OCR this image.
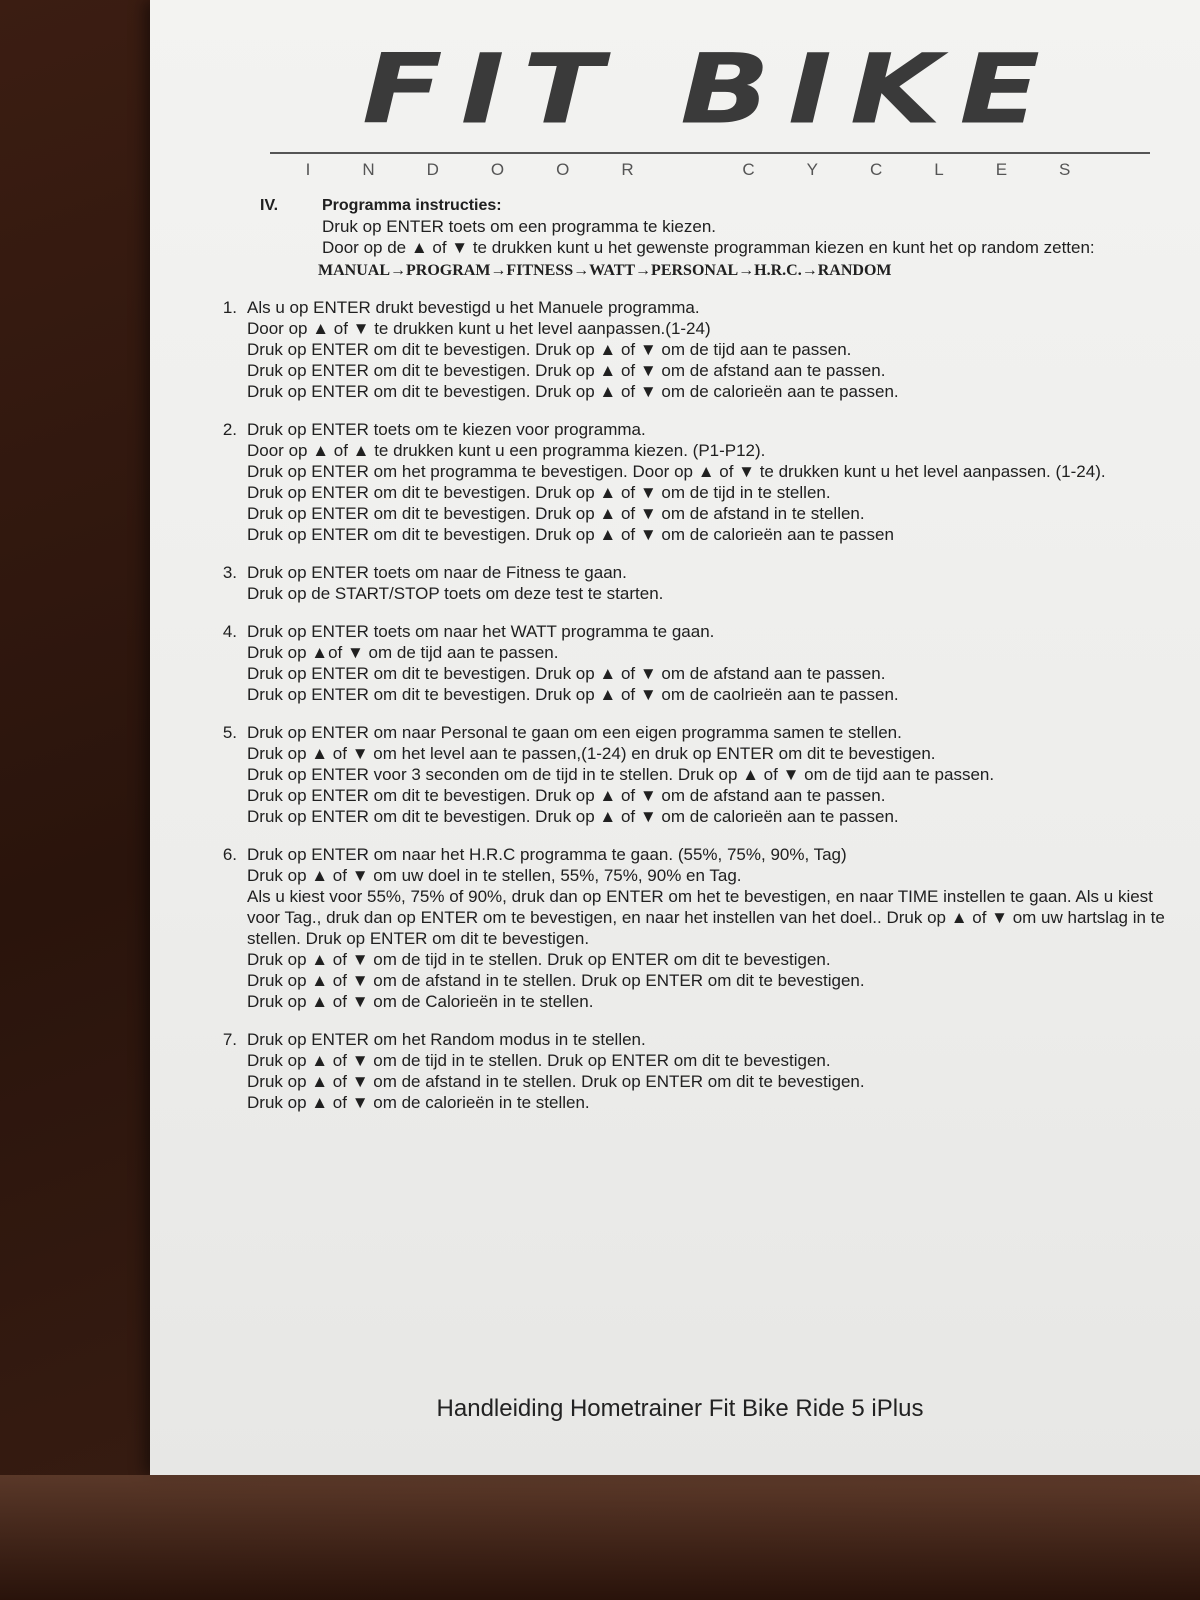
FIT BIKE
INDOOR CYCLES
IV.	Programma instructies:
Druk op ENTER toets om een programma te kiezen.
Door op de ▲ of ▼ te drukken kunt u het gewenste programman kiezen en kunt het op random zetten:
MANUAL→PROGRAM→FITNESS→WATT→PERSONAL→H.R.C.→RANDOM
1. Als u op ENTER drukt bevestigd u het Manuele programma.
Door op ▲ of ▼ te drukken kunt u het level aanpassen.(1-24)
Druk op ENTER om dit te bevestigen. Druk op ▲ of ▼ om de tijd aan te passen.
Druk op ENTER om dit te bevestigen. Druk op ▲ of ▼ om de afstand aan te passen.
Druk op ENTER om dit te bevestigen. Druk op ▲ of ▼ om de calorieën aan te passen.
2. Druk op ENTER toets om te kiezen voor programma.
Door op ▲ of ▲ te drukken kunt u een programma kiezen. (P1-P12).
Druk op ENTER om het programma te bevestigen. Door op ▲ of ▼ te drukken kunt u het level aanpassen. (1-24).
Druk op ENTER om dit te bevestigen. Druk op ▲ of ▼ om de tijd in te stellen.
Druk op ENTER om dit te bevestigen. Druk op ▲ of ▼ om de afstand in te stellen.
Druk op ENTER om dit te bevestigen. Druk op ▲ of ▼ om de calorieën aan te passen
3. Druk op ENTER toets om naar de Fitness te gaan.
Druk op de START/STOP toets om deze test te starten.
4. Druk op ENTER toets om naar het WATT programma te gaan.
Druk op ▲of ▼ om de tijd aan te passen.
Druk op ENTER om dit te bevestigen. Druk op ▲ of ▼ om de afstand aan te passen.
Druk op ENTER om dit te bevestigen. Druk op ▲ of ▼ om de caolrieën aan te passen.
5. Druk op ENTER om naar Personal te gaan om een eigen programma samen te stellen.
Druk op ▲ of ▼ om het level aan te passen,(1-24) en druk op ENTER om dit te bevestigen.
Druk op ENTER voor 3 seconden om de tijd in te stellen. Druk op ▲ of ▼ om de tijd aan te passen.
Druk op ENTER om dit te bevestigen. Druk op ▲ of ▼ om de afstand aan te passen.
Druk op ENTER om dit te bevestigen. Druk op ▲ of ▼ om de calorieën aan te passen.
6. Druk op ENTER om naar het H.R.C programma te gaan. (55%, 75%, 90%, Tag)
Druk op ▲ of ▼ om uw doel in te stellen, 55%, 75%, 90% en Tag.
Als u kiest voor 55%, 75% of 90%, druk dan op ENTER om het te bevestigen, en naar TIME instellen te gaan. Als u kiest voor Tag., druk dan op ENTER om te bevestigen, en naar het instellen van het doel.. Druk op ▲ of ▼ om uw hartslag in te stellen. Druk op ENTER om dit te bevestigen.
Druk op ▲ of ▼ om de tijd in te stellen. Druk op ENTER om dit te bevestigen.
Druk op ▲ of ▼ om de afstand in te stellen. Druk op ENTER om dit te bevestigen.
Druk op ▲ of ▼ om de Calorieën in te stellen.
7. Druk op ENTER om het Random modus in te stellen.
Druk op ▲ of ▼ om de tijd in te stellen. Druk op ENTER om dit te bevestigen.
Druk op ▲ of ▼ om de afstand in te stellen. Druk op ENTER om dit te bevestigen.
Druk op ▲ of ▼ om de calorieën in te stellen.
Handleiding Hometrainer Fit Bike Ride 5 iPlus
